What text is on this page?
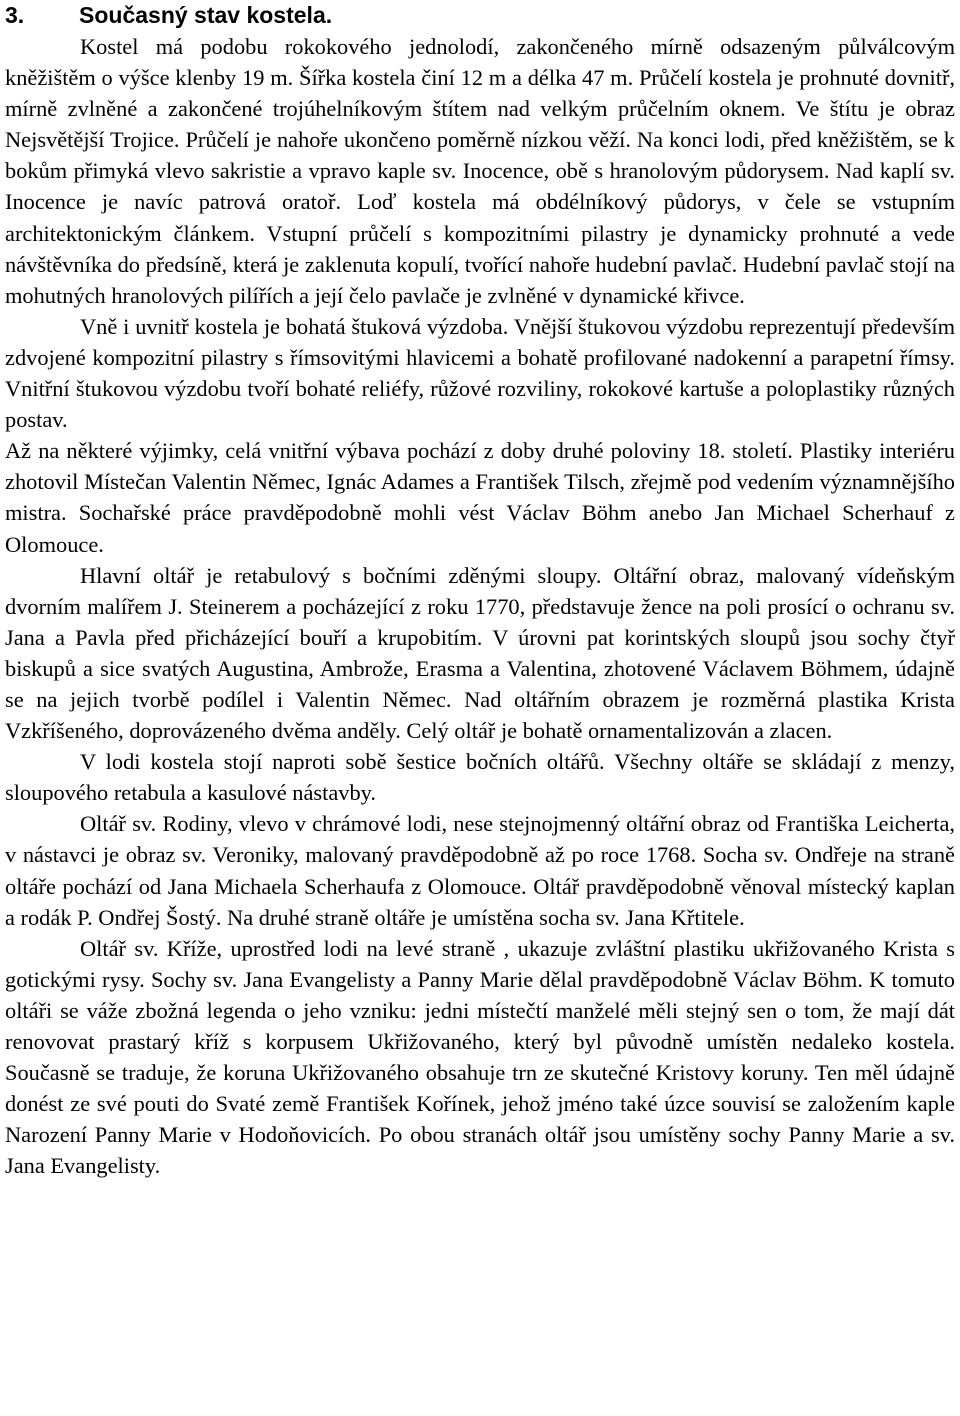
3. Současný stav kostela.

Kostel má podobu rokokového jednolodí, zakončeného mírně odsazeným půlválcovým kněžištěm o výšce klenby 19 m. Šířka kostela činí 12 m a délka 47 m. Průčelí kostela je prohnuté dovnitř, mírně zvlněné a zakončené trojúhelníkovým štítem nad velkým průčelním oknem. Ve štítu je obraz Nejsvětější Trojice. Průčelí je nahoře ukončeno poměrně nízkou věží. Na konci lodi, před kněžištěm, se k bokům přimyká vlevo sakristie a vpravo kaple sv. Inocence, obě s hranolovým půdorysem. Nad kaplí sv. Inocence je navíc patrová oratoř. Loď kostela má obdélníkový půdorys, v čele se vstupním architektonickým článkem. Vstupní průčelí s kompozitními pilastry je dynamicky prohnuté a vede návštěvníka do předsíně, která je zaklenuta kopulí, tvořící nahoře hudební pavlač. Hudební pavlač stojí na mohutných hranolových pilířích a její čelo pavlače je zvlněné v dynamické křivce.

Vně i uvnitř kostela je bohatá štuková výzdoba. Vnější štukovou výzdobu reprezentují především zdvojené kompozitní pilastry s římsovitými hlavicemi a bohatě profilované nadokenní a parapetní římsy. Vnitřní štukovou výzdobu tvoří bohaté reliéfy, růžové rozviliny, rokokové kartuše a poloplastiky různých postav.

Až na některé výjimky, celá vnitřní výbava pochází z doby druhé poloviny 18. století. Plastiky interiéru zhotovil Místečan Valentin Němec, Ignác Adames a František Tilsch, zřejmě pod vedením významnějšího mistra. Sochařské práce pravděpodobně mohli vést Václav Böhm anebo Jan Michael Scherhauf z Olomouce.

Hlavní oltář je retabulový s bočními zděnými sloupy. Oltářní obraz, malovaný vídeňským dvorním malířem J. Steinerem a pocházející z roku 1770, představuje žence na poli prosící o ochranu sv. Jana a Pavla před přicházející bouří a krupobitím. V úrovni pat korintských sloupů jsou sochy čtyř biskupů a sice svatých Augustina, Ambrože, Erasma a Valentina, zhotovené Václavem Böhmem, údajně se na jejich tvorbě podílel i Valentin Němec. Nad oltářním obrazem je rozměrná plastika Krista Vzkříšeného, doprovázeného dvěma anděly. Celý oltář je bohatě ornamentalizován a zlacen.

V lodi kostela stojí naproti sobě šestice bočních oltářů. Všechny oltáře se skládají z menzy, sloupového retabula a kasulové nástavby.

Oltář sv. Rodiny, vlevo v chrámové lodi, nese stejnojmenný oltářní obraz od Františka Leicherta, v nástavci je obraz sv. Veroniky, malovaný pravděpodobně až po roce 1768. Socha sv. Ondřeje na straně oltáře pochází od Jana Michaela Scherhaufa z Olomouce. Oltář pravděpodobně věnoval místecký kaplan a rodák P. Ondřej Šostý. Na druhé straně oltáře je umístěna socha sv. Jana Křtitele.

Oltář sv. Kříže, uprostřed lodi na levé straně , ukazuje zvláštní plastiku ukřižovaného Krista s gotickými rysy. Sochy sv. Jana Evangelisty a Panny Marie dělal pravděpodobně Václav Böhm. K tomuto oltáři se váže zbožná legenda o jeho vzniku: jedni místečtí manželé měli stejný sen o tom, že mají dát renovovat prastarý kříž s korpusem Ukřižovaného, který byl původně umístěn nedaleko kostela. Současně se traduje, že koruna Ukřižovaného obsahuje trn ze skutečné Kristovy koruny. Ten měl údajně donést ze své pouti do Svaté země František Kořínek, jehož jméno také úzce souvisí se založením kaple Narození Panny Marie v Hodoňovicích. Po obou stranách oltář jsou umístěny sochy Panny Marie a sv. Jana Evangelisty.
